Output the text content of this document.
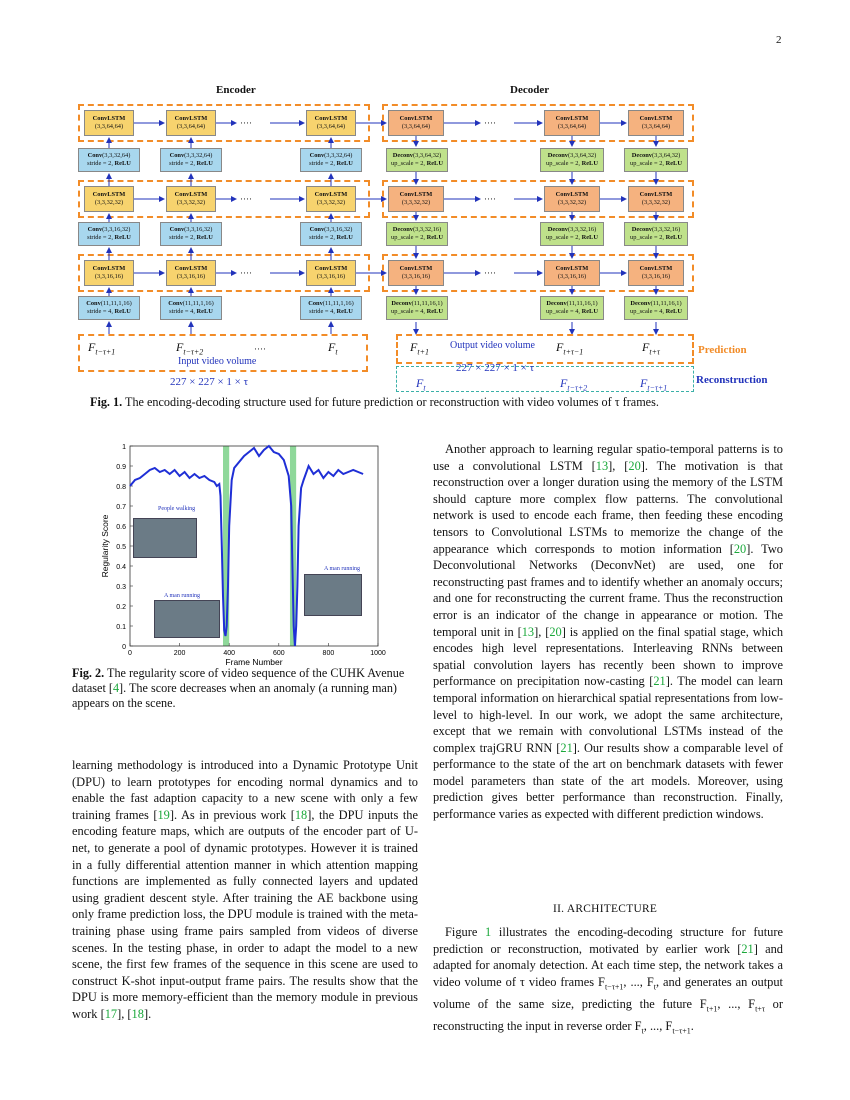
2
Encoder	Decoder
ConvLSTM
(3,3,64,64)
ConvLSTM
(3,3,64,64)	····	ConvLSTM
(3,3,64,64)
Conv(3,3,32,64)
stride = 2, ReLU
Conv(3,3,32,64)
stride = 2, ReLU
Conv(3,3,32,64)
stride = 2, ReLU
ConvLSTM
(3,3,32,32)
ConvLSTM
(3,3,32,32)	····	ConvLSTM
(3,3,32,32)
Conv(3,3,16,32)
stride = 2, ReLU
Conv(3,3,16,32)
stride = 2, ReLU
Conv(3,3,16,32)
stride = 2, ReLU
ConvLSTM
(3,3,16,16)
ConvLSTM
(3,3,16,16)	····	ConvLSTM
(3,3,16,16)
Conv(11,11,1,16)
stride = 4, ReLU
Conv(11,11,1,16)
stride = 4, ReLU
Conv(11,11,1,16)
stride = 4, ReLU
ConvLSTM
(3,3,64,64)	····	ConvLSTM
(3,3,64,64)
ConvLSTM
(3,3,64,64)
Deconv(3,3,64,32)
up_scale = 2, ReLU
Deconv(3,3,64,32)
up_scale = 2, ReLU
Deconv(3,3,64,32)
up_scale = 2, ReLU
ConvLSTM
(3,3,32,32)	····	ConvLSTM
(3,3,32,32)
ConvLSTM
(3,3,32,32)
Deconv(3,3,32,16)
up_scale = 2, ReLU
Deconv(3,3,32,16)
up_scale = 2, ReLU
Deconv(3,3,32,16)
up_scale = 2, ReLU
ConvLSTM
(3,3,16,16)	····	ConvLSTM
(3,3,16,16)
ConvLSTM
(3,3,16,16)
Deconv(11,11,16,1)
up_scale = 4, ReLU
Deconv(11,11,16,1)
up_scale = 4, ReLU
Deconv(11,11,16,1)
up_scale = 4, ReLU
$F_{t-\tau+1}$	$F_{t-\tau+2}$	····	$F_t$
Input video volume
227 × 227 × 1 × τ
$F_{t+1}$
Output video volume $F_{t+\tau-1}$	$F_{t+\tau}$
227 × 227 × 1 × τ
$F_t$	$F_{t-\tau+2}$	$F_{t-\tau+1}$
Prediction
Reconstruction
Fig. 1. The encoding-decoding structure used for future prediction or reconstruction with video volumes of τ frames.
0
0.1
0.2
0.3
0.4
0.5
0.6
0.7
0.8
0.9
1
0	200	400	600	800	1000
Frame Number
Regularity Score
People walking
A man running
A man running
Fig. 2. The regularity score of video sequence of the CUHK Avenue dataset [4]. The score decreases when an anomaly (a running man) appears on the scene.
learning methodology is introduced into a Dynamic Prototype Unit (DPU) to learn prototypes for encoding normal dynamics and to enable the fast adaption capacity to a new scene with only a few training frames [19]. As in previous work [18], the DPU inputs the encoding feature maps, which are outputs of the encoder part of U-net, to generate a pool of dynamic prototypes. However it is trained in a fully differential attention manner in which attention mapping functions are implemented as fully connected layers and updated using gradient descent style. After training the AE backbone using only frame prediction loss, the DPU module is trained with the meta-training phase using frame pairs sampled from videos of diverse scenes. In the testing phase, in order to adapt the model to a new scene, the first few frames of the sequence in this scene are used to construct K-shot input-output frame pairs. The results show that the DPU is more memory-efficient than the memory module in previous work [17], [18].
Another approach to learning regular spatio-temporal patterns is to use a convolutional LSTM [13], [20]. The motivation is that reconstruction over a longer duration using the memory of the LSTM should capture more complex flow patterns. The convolutional network is used to encode each frame, then feeding these encoding tensors to Convolutional LSTMs to memorize the change of the appearance which corresponds to motion information [20]. Two Deconvolutional Networks (DeconvNet) are used, one for reconstructing past frames and to identify whether an anomaly occurs; and one for reconstructing the current frame. Thus the reconstruction error is an indicator of the change in appearance or motion. The temporal unit in [13], [20] is applied on the final spatial stage, which encodes high level representations. Interleaving RNNs between spatial convolution layers has recently been shown to improve performance on precipitation now-casting [21]. The model can learn temporal information on hierarchical spatial representations from low-level to high-level. In our work, we adopt the same architecture, except that we remain with convolutional LSTMs instead of the complex trajGRU RNN [21]. Our results show a comparable level of performance to the state of the art on benchmark datasets with fewer model parameters than state of the art models. Moreover, using prediction gives better performance than reconstruction. Finally, performance varies as expected with different prediction windows.
II. ARCHITECTURE
Figure 1 illustrates the encoding-decoding structure for future prediction or reconstruction, motivated by earlier work [21] and adapted for anomaly detection. At each time step, the network takes a video volume of τ video frames $F_{t-\tau+1}$, ..., $F_t$, and generates an output volume of the same size, predicting the future $F_{t+1}$, ..., $F_{t+\tau}$ or reconstructing the input in reverse order $F_t$, ..., $F_{t-\tau+1}$.
